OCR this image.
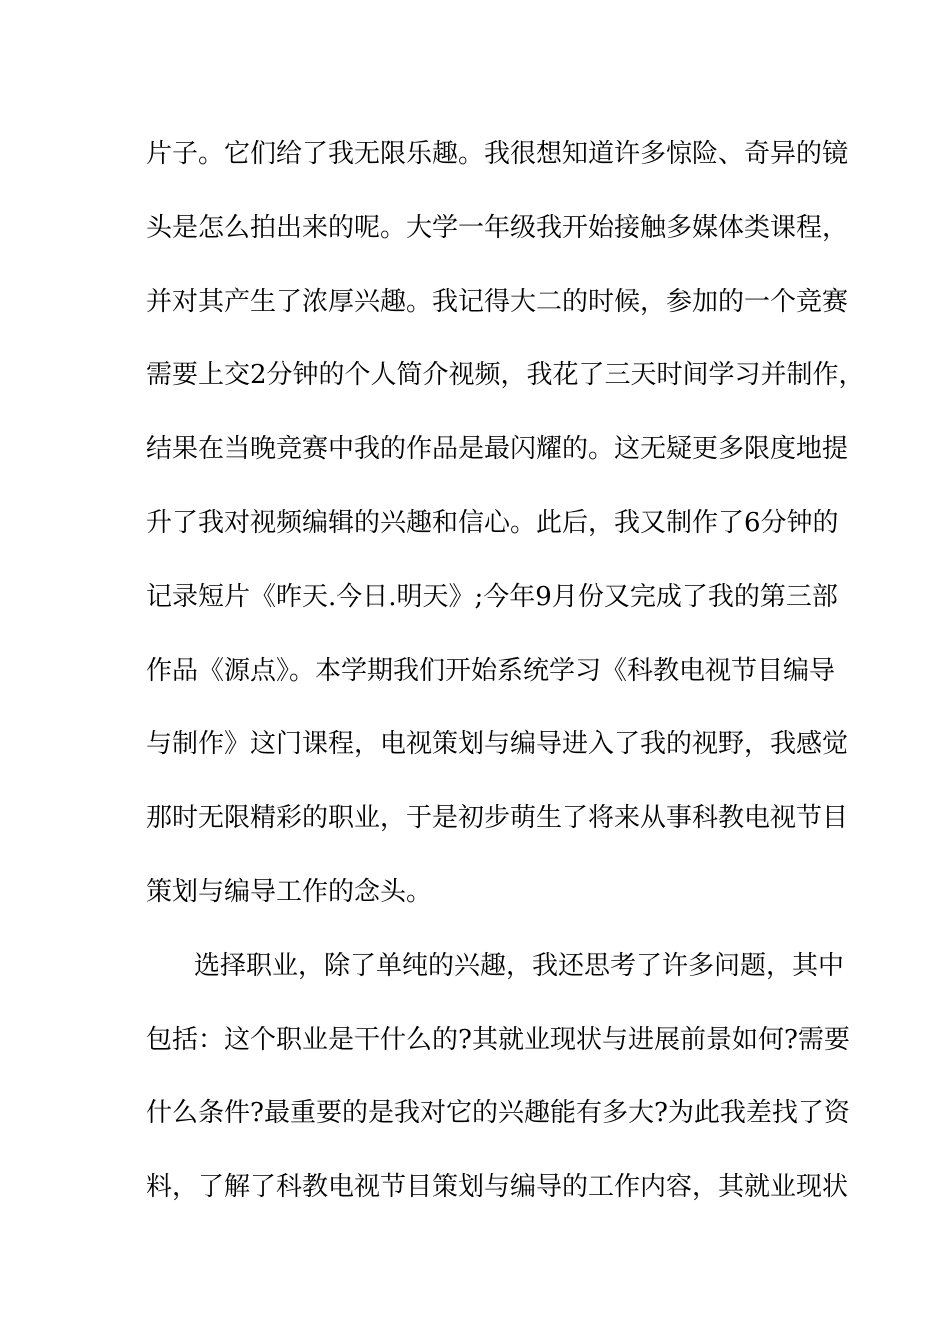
片子。它们给了我无限乐趣。我很想知道许多惊险、奇异的镜
头是怎么拍出来的呢。大学一年级我开始接触多媒体类课程，
并对其产生了浓厚兴趣。我记得大二的时候，参加的一个竞赛
需要上交2分钟的个人简介视频，我花了三天时间学习并制作，
结果在当晚竞赛中我的作品是最闪耀的。这无疑更多限度地提
升了我对视频编辑的兴趣和信心。此后，我又制作了6分钟的
记录短片《昨天.今日.明天》;今年9月份又完成了我的第三部
作品《源点》。本学期我们开始系统学习《科教电视节目编导
与制作》这门课程，电视策划与编导进入了我的视野，我感觉
那时无限精彩的职业，于是初步萌生了将来从事科教电视节目
策划与编导工作的念头。
选择职业，除了单纯的兴趣，我还思考了许多问题，其中
包括：这个职业是干什么的?其就业现状与进展前景如何?需要
什么条件?最重要的是我对它的兴趣能有多大?为此我差找了资
料，了解了科教电视节目策划与编导的工作内容，其就业现状
